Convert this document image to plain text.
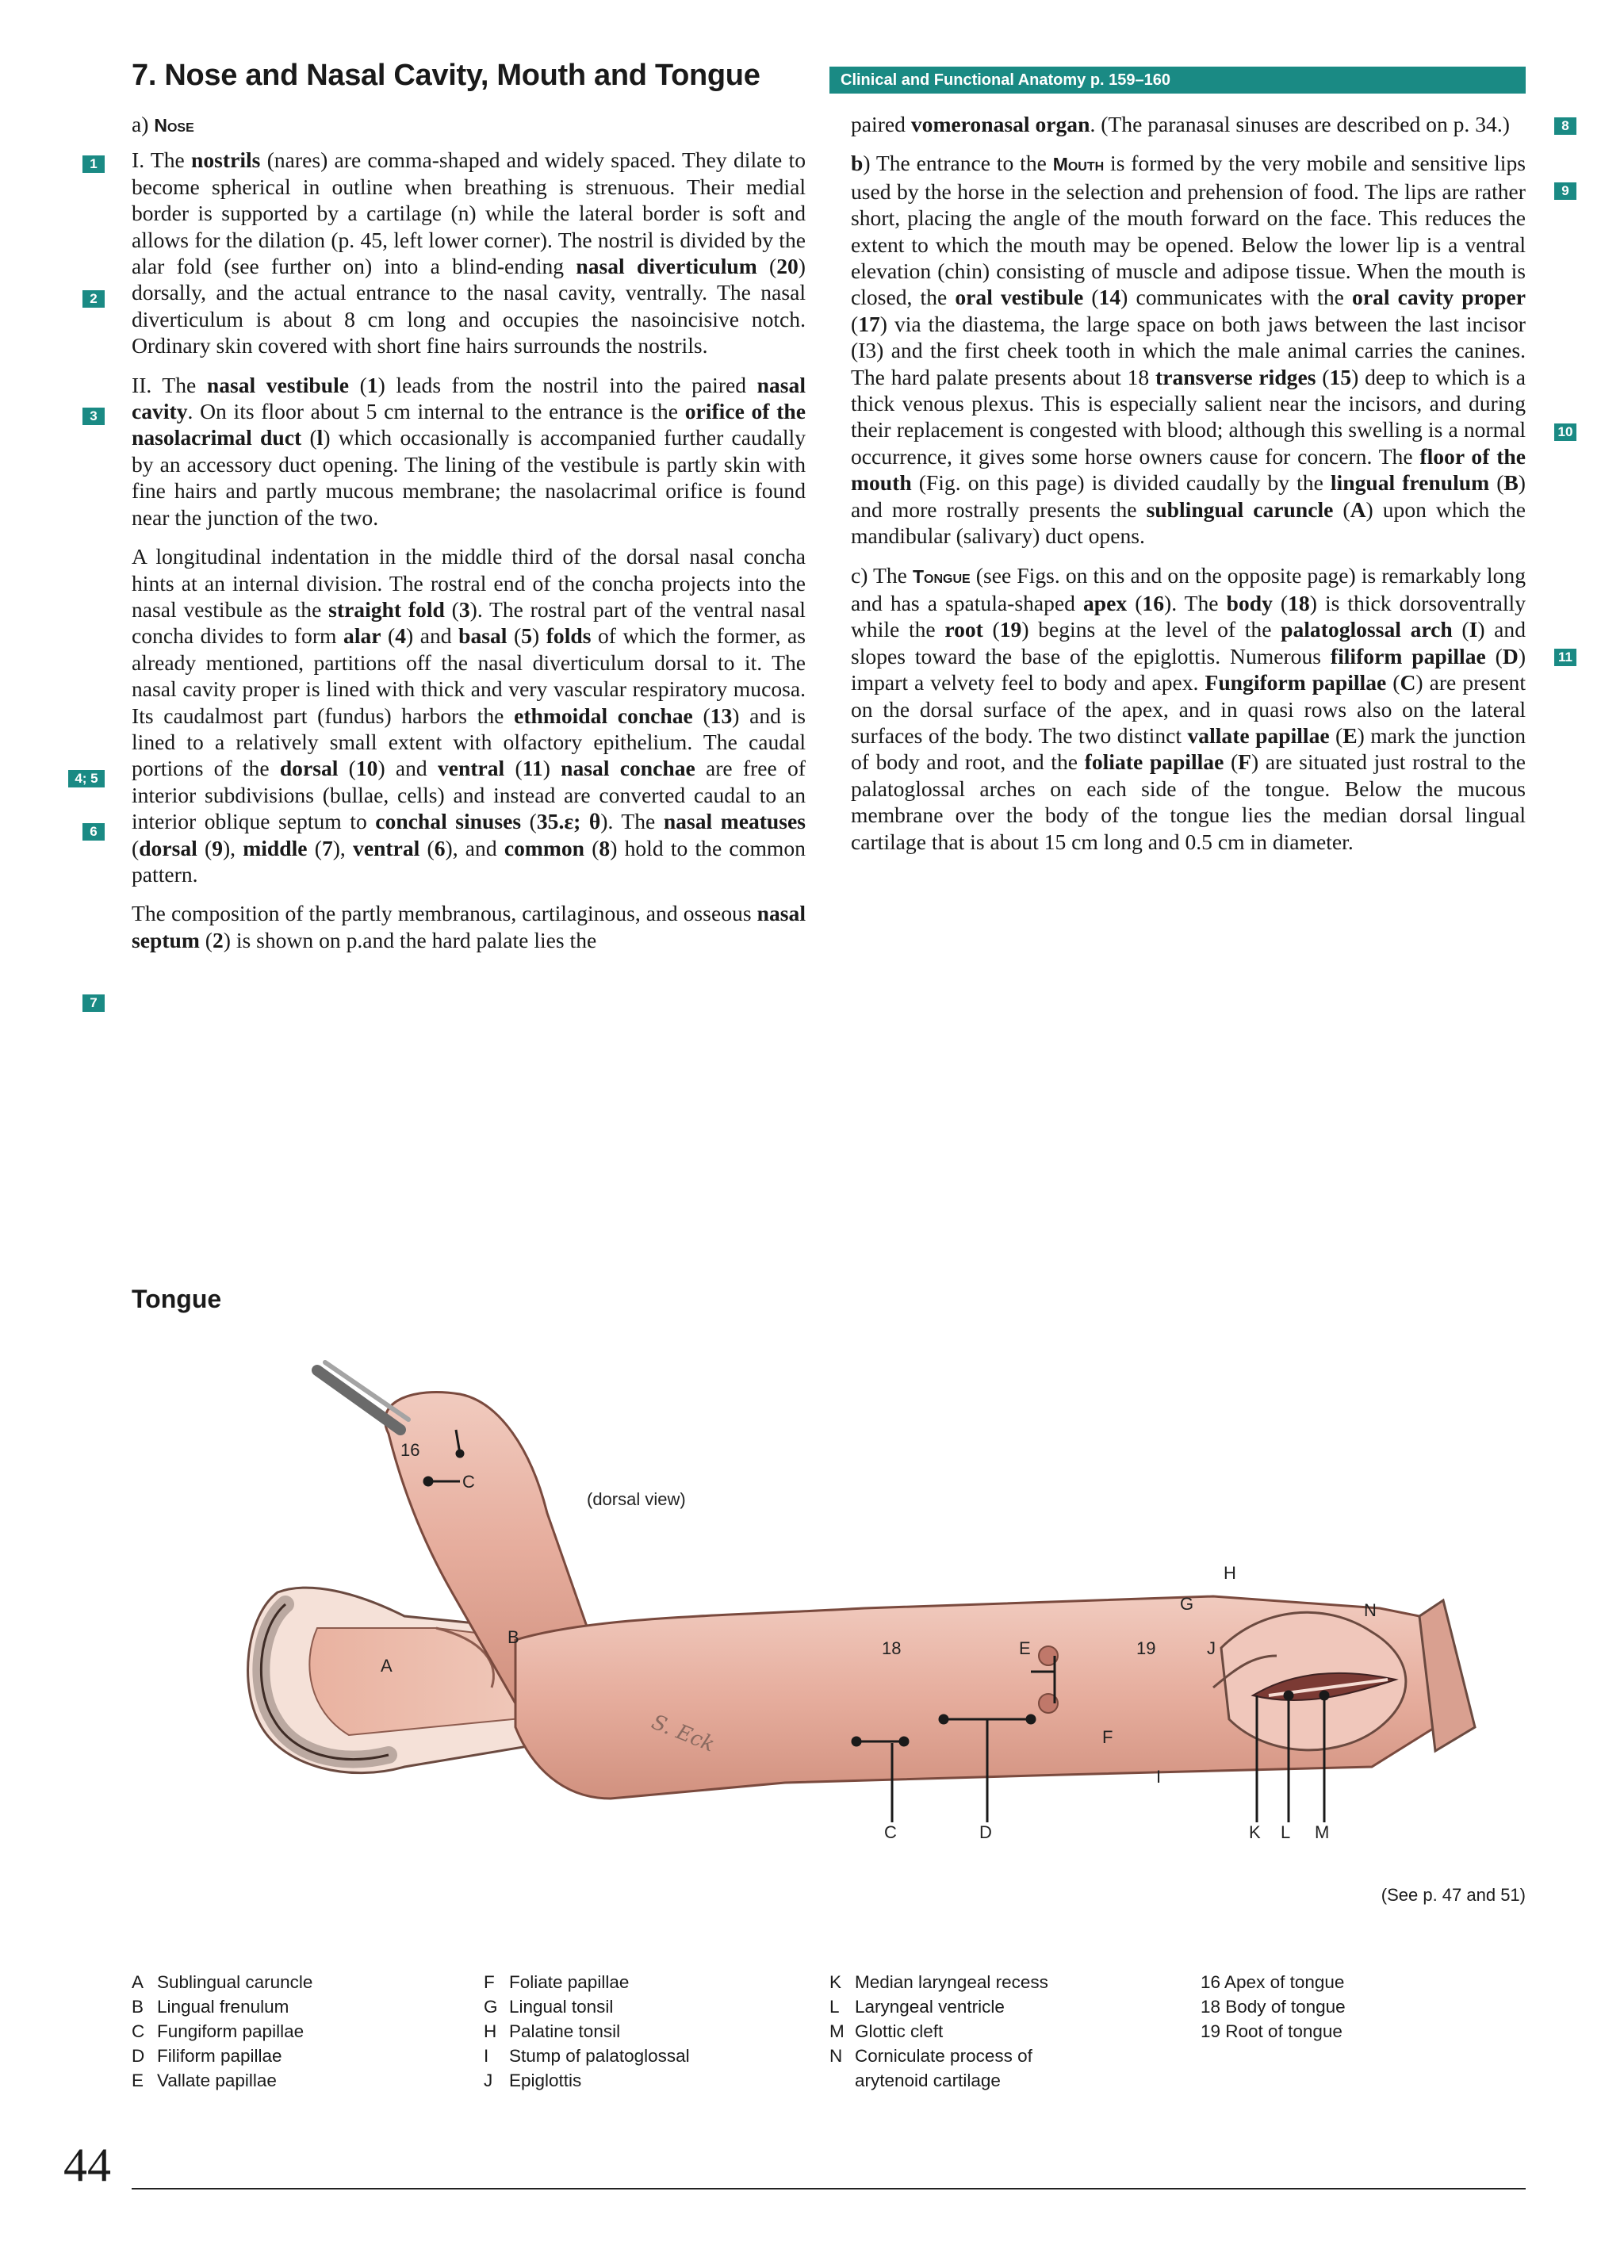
7. Nose and Nasal Cavity, Mouth and Tongue	Clinical and Functional Anatomy p. 159–160
1
2
3
4; 5
6
7
8
9
10
11

a) Nose

I. The nostrils (nares) are comma-shaped and widely spaced. They dilate to become spherical in outline when breathing is strenuous. Their medial border is supported by a cartilage (n) while the lateral border is soft and allows for the dilation (p. 45, left lower corner). The nostril is divided by the alar fold (see further on) into a blind-ending nasal diverticulum (20) dorsally, and the actual entrance to the nasal cavity, ventrally. The nasal diverticulum is about 8 cm long and occupies the nasoincisive notch. Ordinary skin covered with short fine hairs surrounds the nostrils.

II. The nasal vestibule (1) leads from the nostril into the paired nasal cavity. On its floor about 5 cm internal to the entrance is the orifice of the nasolacrimal duct (l) which occasionally is accompanied further caudally by an accessory duct opening. The lining of the vestibule is partly skin with fine hairs and partly mucous membrane; the nasolacrimal orifice is found near the junction of the two.

A longitudinal indentation in the middle third of the dorsal nasal concha hints at an internal division. The rostral end of the concha projects into the nasal vestibule as the straight fold (3). The rostral part of the ventral nasal concha divides to form alar (4) and basal (5) folds of which the former, as already mentioned, partitions off the nasal diverticulum dorsal to it. The nasal cavity proper is lined with thick and very vascular respiratory mucosa. Its caudalmost part (fundus) harbors the ethmoidal conchae (13) and is lined to a relatively small extent with olfactory epithelium. The caudal portions of the dorsal (10) and ventral (11) nasal conchae are free of interior subdivisions (bullae, cells) and instead are converted caudal to an interior oblique septum to conchal sinuses (35.ε; θ). The nasal meatuses (dorsal (9), middle (7), ventral (6), and common (8) hold to the common pattern.

The composition of the partly membranous, cartilaginous, and osseous nasal septum (2) is shown on p.and the hard palate lies the

paired vomeronasal organ. (The paranasal sinuses are described on p. 34.)

b) The entrance to the Mouth is formed by the very mobile and sensitive lips used by the horse in the selection and prehension of food. The lips are rather short, placing the angle of the mouth forward on the face. This reduces the extent to which the mouth may be opened. Below the lower lip is a ventral elevation (chin) consisting of muscle and adipose tissue. When the mouth is closed, the oral vestibule (14) communicates with the oral cavity proper (17) via the diastema, the large space on both jaws between the last incisor (I3) and the first cheek tooth in which the male animal carries the canines. The hard palate presents about 18 transverse ridges (15) deep to which is a thick venous plexus. This is especially salient near the incisors, and during their replacement is congested with blood; although this swelling is a normal occurrence, it gives some horse owners cause for concern. The floor of the mouth (Fig. on this page) is divided caudally by the lingual frenulum (B) and more rostrally presents the sublingual caruncle (A) upon which the mandibular (salivary) duct opens.

c) The Tongue (see Figs. on this and on the opposite page) is remarkably long and has a spatula-shaped apex (16). The body (18) is thick dorsoventrally while the root (19) begins at the level of the palatoglossal arch (I) and slopes toward the base of the epiglottis. Numerous filiform papillae (D) impart a velvety feel to body and apex. Fungiform papillae (C) are present on the dorsal surface of the apex, and in quasi rows also on the lateral surfaces of the body. The two distinct vallate papillae (E) mark the junction of body and root, and the foliate papillae (F) are situated just rostral to the palatoglossal arches on each side of the tongue. Below the mucous membrane over the body of the tongue lies the median dorsal lingual cartilage that is about 15 cm long and 0.5 cm in diameter.

Tongue
16
C
B
A
18	E	19	J
H
G	N
F
I
C	D	K L M
(dorsal view)
S. Eck
(See p. 47 and 51)
A Sublingual caruncle
B Lingual frenulum
C Fungiform papillae
D Filiform papillae
E Vallate papillae
F Foliate papillae
G Lingual tonsil
H Palatine tonsil
I	Stump of palatoglossal
J Epiglottis
K Median laryngeal recess
L Laryngeal ventricle
M Glottic cleft
N Corniculate process of
arytenoid cartilage
16 Apex of tongue
18 Body of tongue
19 Root of tongue
44
